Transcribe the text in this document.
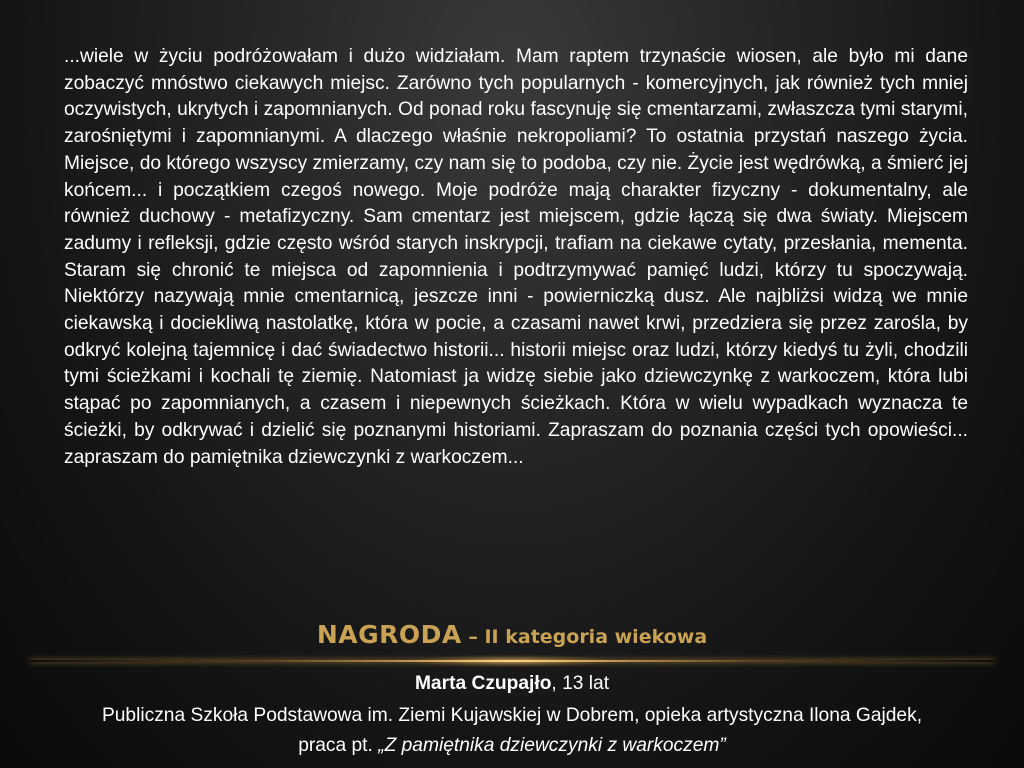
...wiele w życiu podróżowałam i dużo widziałam. Mam raptem trzynaście wiosen, ale było mi dane zobaczyć mnóstwo ciekawych miejsc. Zarówno tych popularnych - komercyjnych, jak również tych mniej oczywistych, ukrytych i zapomnianych. Od ponad roku fascynuję się cmentarzami, zwłaszcza tymi starymi, zarośniętymi i zapomnianymi. A dlaczego właśnie nekropoliami? To ostatnia przystań naszego życia. Miejsce, do którego wszyscy zmierzamy, czy nam się to podoba, czy nie. Życie jest wędrówką, a śmierć jej końcem... i początkiem czegoś nowego. Moje podróże mają charakter fizyczny - dokumentalny, ale również duchowy - metafizyczny. Sam cmentarz jest miejscem, gdzie łączą się dwa światy. Miejscem zadumy i refleksji, gdzie często wśród starych inskrypcji, trafiam na ciekawe cytaty, przesłania, mementa. Staram się chronić te miejsca od zapomnienia i podtrzymywać pamięć ludzi, którzy tu spoczywają. Niektórzy nazywają mnie cmentarnicą, jeszcze inni - powierniczką dusz. Ale najbliżsi widzą we mnie ciekawską i dociekliwą nastolatkę, która w pocie, a czasami nawet krwi, przedziera się przez zarośla, by odkryć kolejną tajemnicę i dać świadectwo historii... historii miejsc oraz ludzi, którzy kiedyś tu żyli, chodzili tymi ścieżkami i kochali tę ziemię. Natomiast ja widzę siebie jako dziewczynkę z warkoczem, która lubi stąpać po zapomnianych, a czasem i niepewnych ścieżkach. Która w wielu wypadkach wyznacza te ścieżki, by odkrywać i dzielić się poznanymi historiami. Zapraszam do poznania części tych opowieści... zapraszam do pamiętnika dziewczynki z warkoczem...

NAGRODA – II kategoria wiekowa

Marta Czupajło, 13 lat

Publiczna Szkoła Podstawowa im. Ziemi Kujawskiej w Dobrem, opieka artystyczna Ilona Gajdek,

praca pt. „Z pamiętnika dziewczynki z warkoczem”
